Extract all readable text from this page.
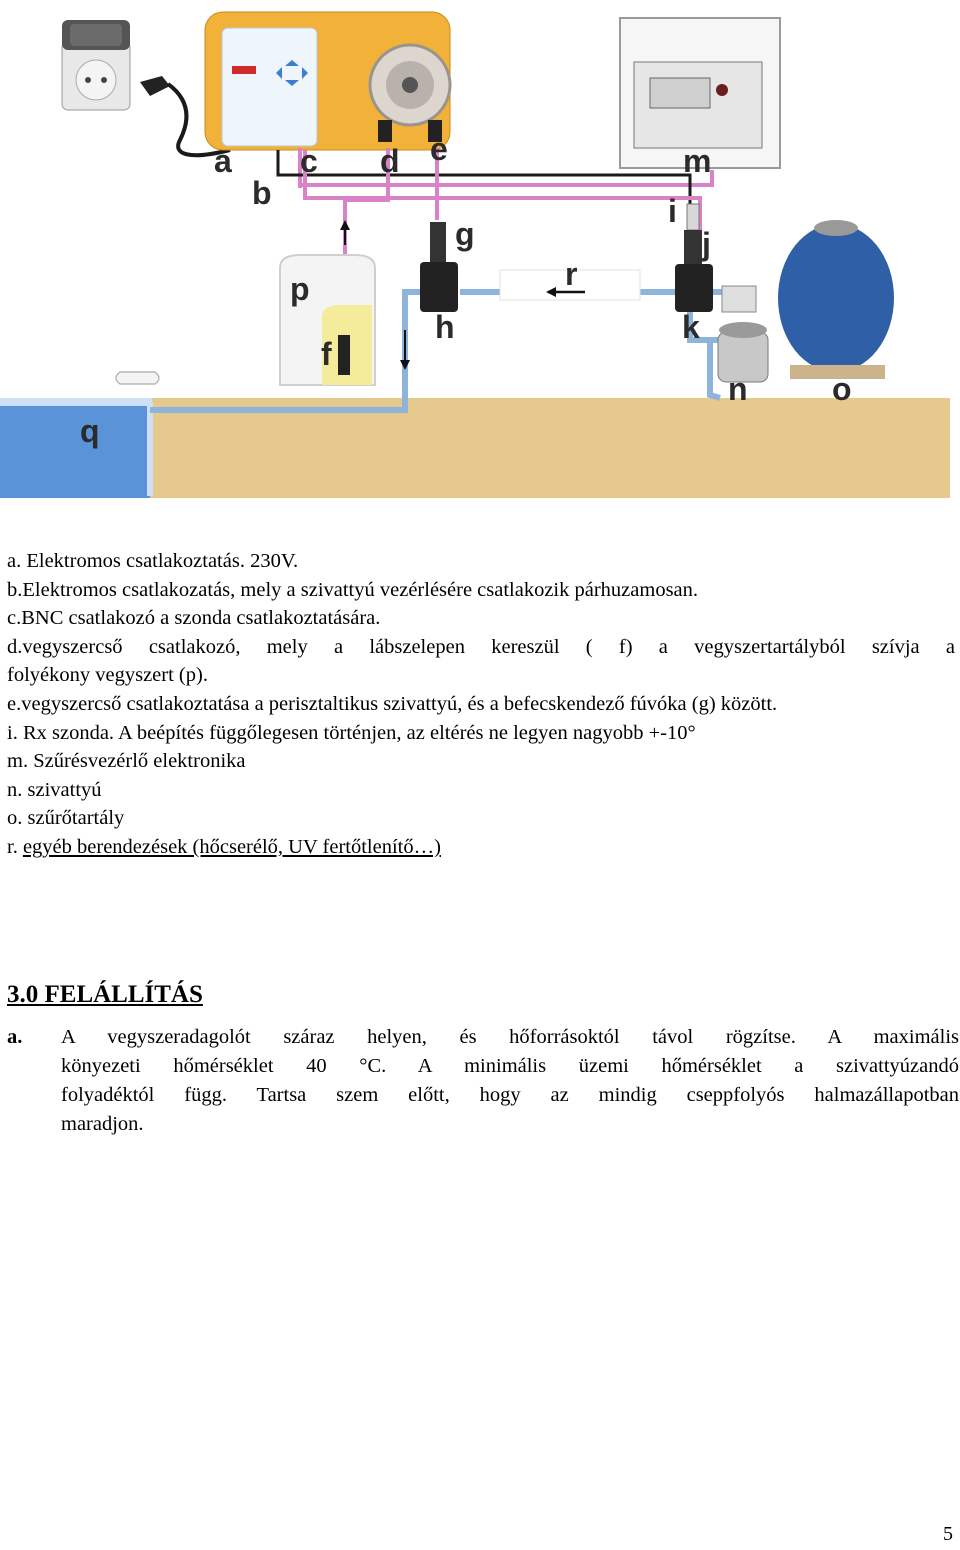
a
b
c d e
f
g
h
i
j
k
m
n	o
p
q
r

a. Elektromos csatlakoztatás. 230V.

b.Elektromos csatlakozatás, mely a szivattyú vezérlésére csatlakozik párhuzamosan.

c.BNC csatlakozó a szonda csatlakoztatására.

d.vegyszercső csatlakozó, mely a lábszelepen kereszül ( f) a vegyszertartályból szívja a

folyékony vegyszert (p).

e.vegyszercső csatlakoztatása a perisztaltikus szivattyú, és a befecskendező fúvóka (g) között.

i. Rx szonda. A beépítés függőlegesen történjen, az eltérés ne legyen nagyobb +-10°

m. Szűrésvezérlő elektronika

n. szivattyú

o. szűrőtartály

r. egyéb berendezések (hőcserélő, UV fertőtlenítő…)

3.0 FELÁLLÍTÁS
a.	A vegyszeradagolót száraz helyen, és hőforrásoktól távol rögzítse. A maximális
könyezeti hőmérséklet 40 °C. A minimális üzemi hőmérséklet a szivattyúzandó
folyadéktól függ. Tartsa szem előtt, hogy az mindig cseppfolyós halmazállapotban
maradjon.
5
